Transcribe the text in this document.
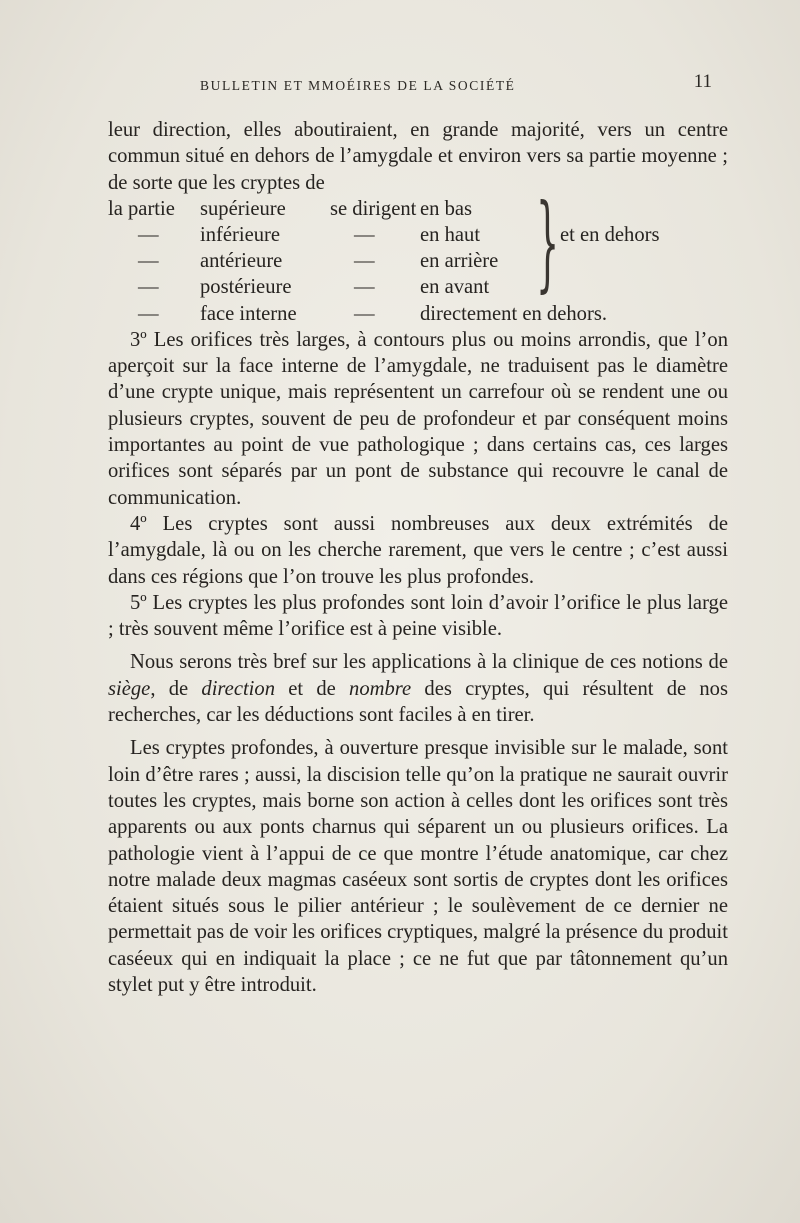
BULLETIN ET MMOÉIRES DE LA SOCIÉTÉ	11

leur direction, elles aboutiraient, en grande majorité, vers un centre commun situé en dehors de l’amygdale et environ vers sa partie moyenne ; de sorte que les cryptes de

la partie supérieure se dirigent en bas
— inférieure	— en haut
— antérieure	— en arrière
— postérieure	— en avant } et en dehors
— face interne	— directement en dehors.

3º Les orifices très larges, à contours plus ou moins arrondis, que l’on aperçoit sur la face interne de l’amygdale, ne traduisent pas le diamètre d’une crypte unique, mais représentent un carrefour où se rendent une ou plusieurs cryptes, souvent de peu de profondeur et par conséquent moins importantes au point de vue pathologique ; dans certains cas, ces larges orifices sont séparés par un pont de substance qui recouvre le canal de communication.

4º Les cryptes sont aussi nombreuses aux deux extrémités de l’amygdale, là ou on les cherche rarement, que vers le centre ; c’est aussi dans ces régions que l’on trouve les plus profondes.

5º Les cryptes les plus profondes sont loin d’avoir l’orifice le plus large ; très souvent même l’orifice est à peine visible.

Nous serons très bref sur les applications à la clinique de ces notions de siège, de direction et de nombre des cryptes, qui résultent de nos recherches, car les déductions sont faciles à en tirer.

Les cryptes profondes, à ouverture presque invisible sur le malade, sont loin d’être rares ; aussi, la discision telle qu’on la pratique ne saurait ouvrir toutes les cryptes, mais borne son action à celles dont les orifices sont très apparents ou aux ponts charnus qui séparent un ou plusieurs orifices. La pathologie vient à l’appui de ce que montre l’étude anatomique, car chez notre malade deux magmas caséeux sont sortis de cryptes dont les orifices étaient situés sous le pilier antérieur ; le soulèvement de ce dernier ne permettait pas de voir les orifices cryptiques, malgré la présence du produit caséeux qui en indiquait la place ; ce ne fut que par tâtonnement qu’un stylet put y être introduit.
